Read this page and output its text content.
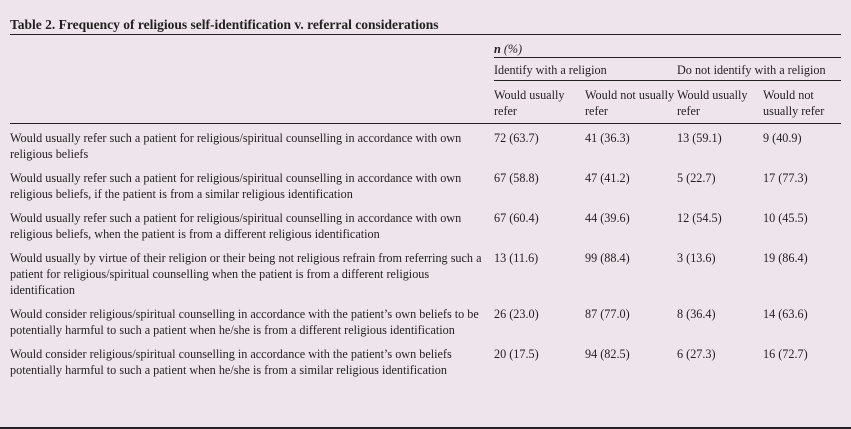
Table 2. Frequency of religious self-identification v. referral considerations
	n (%)			
	Identify with a religion		Do not identify with a religion	
	Would usually refer	Would not usually refer	Would usually refer	Would not usually refer
Would usually refer such a patient for religious/spiritual counselling in accordance with own religious beliefs	72 (63.7)	41 (36.3)	13 (59.1)	9 (40.9)
Would usually refer such a patient for religious/spiritual counselling in accordance with own religious beliefs, if the patient is from a similar religious identification	67 (58.8)	47 (41.2)	5 (22.7)	17 (77.3)
Would usually refer such a patient for religious/spiritual counselling in accordance with own religious beliefs, when the patient is from a different religious identification	67 (60.4)	44 (39.6)	12 (54.5)	10 (45.5)
Would usually by virtue of their religion or their being not religious refrain from referring such a patient for religious/spiritual counselling when the patient is from a different religious identification	13 (11.6)	99 (88.4)	3 (13.6)	19 (86.4)
Would consider religious/spiritual counselling in accordance with the patient’s own beliefs to be potentially harmful to such a patient when he/she is from a different religious identification	26 (23.0)	87 (77.0)	8 (36.4)	14 (63.6)
Would consider religious/spiritual counselling in accordance with the patient’s own beliefs potentially harmful to such a patient when he/she is from a similar religious identification	20 (17.5)	94 (82.5)	6 (27.3)	16 (72.7)
